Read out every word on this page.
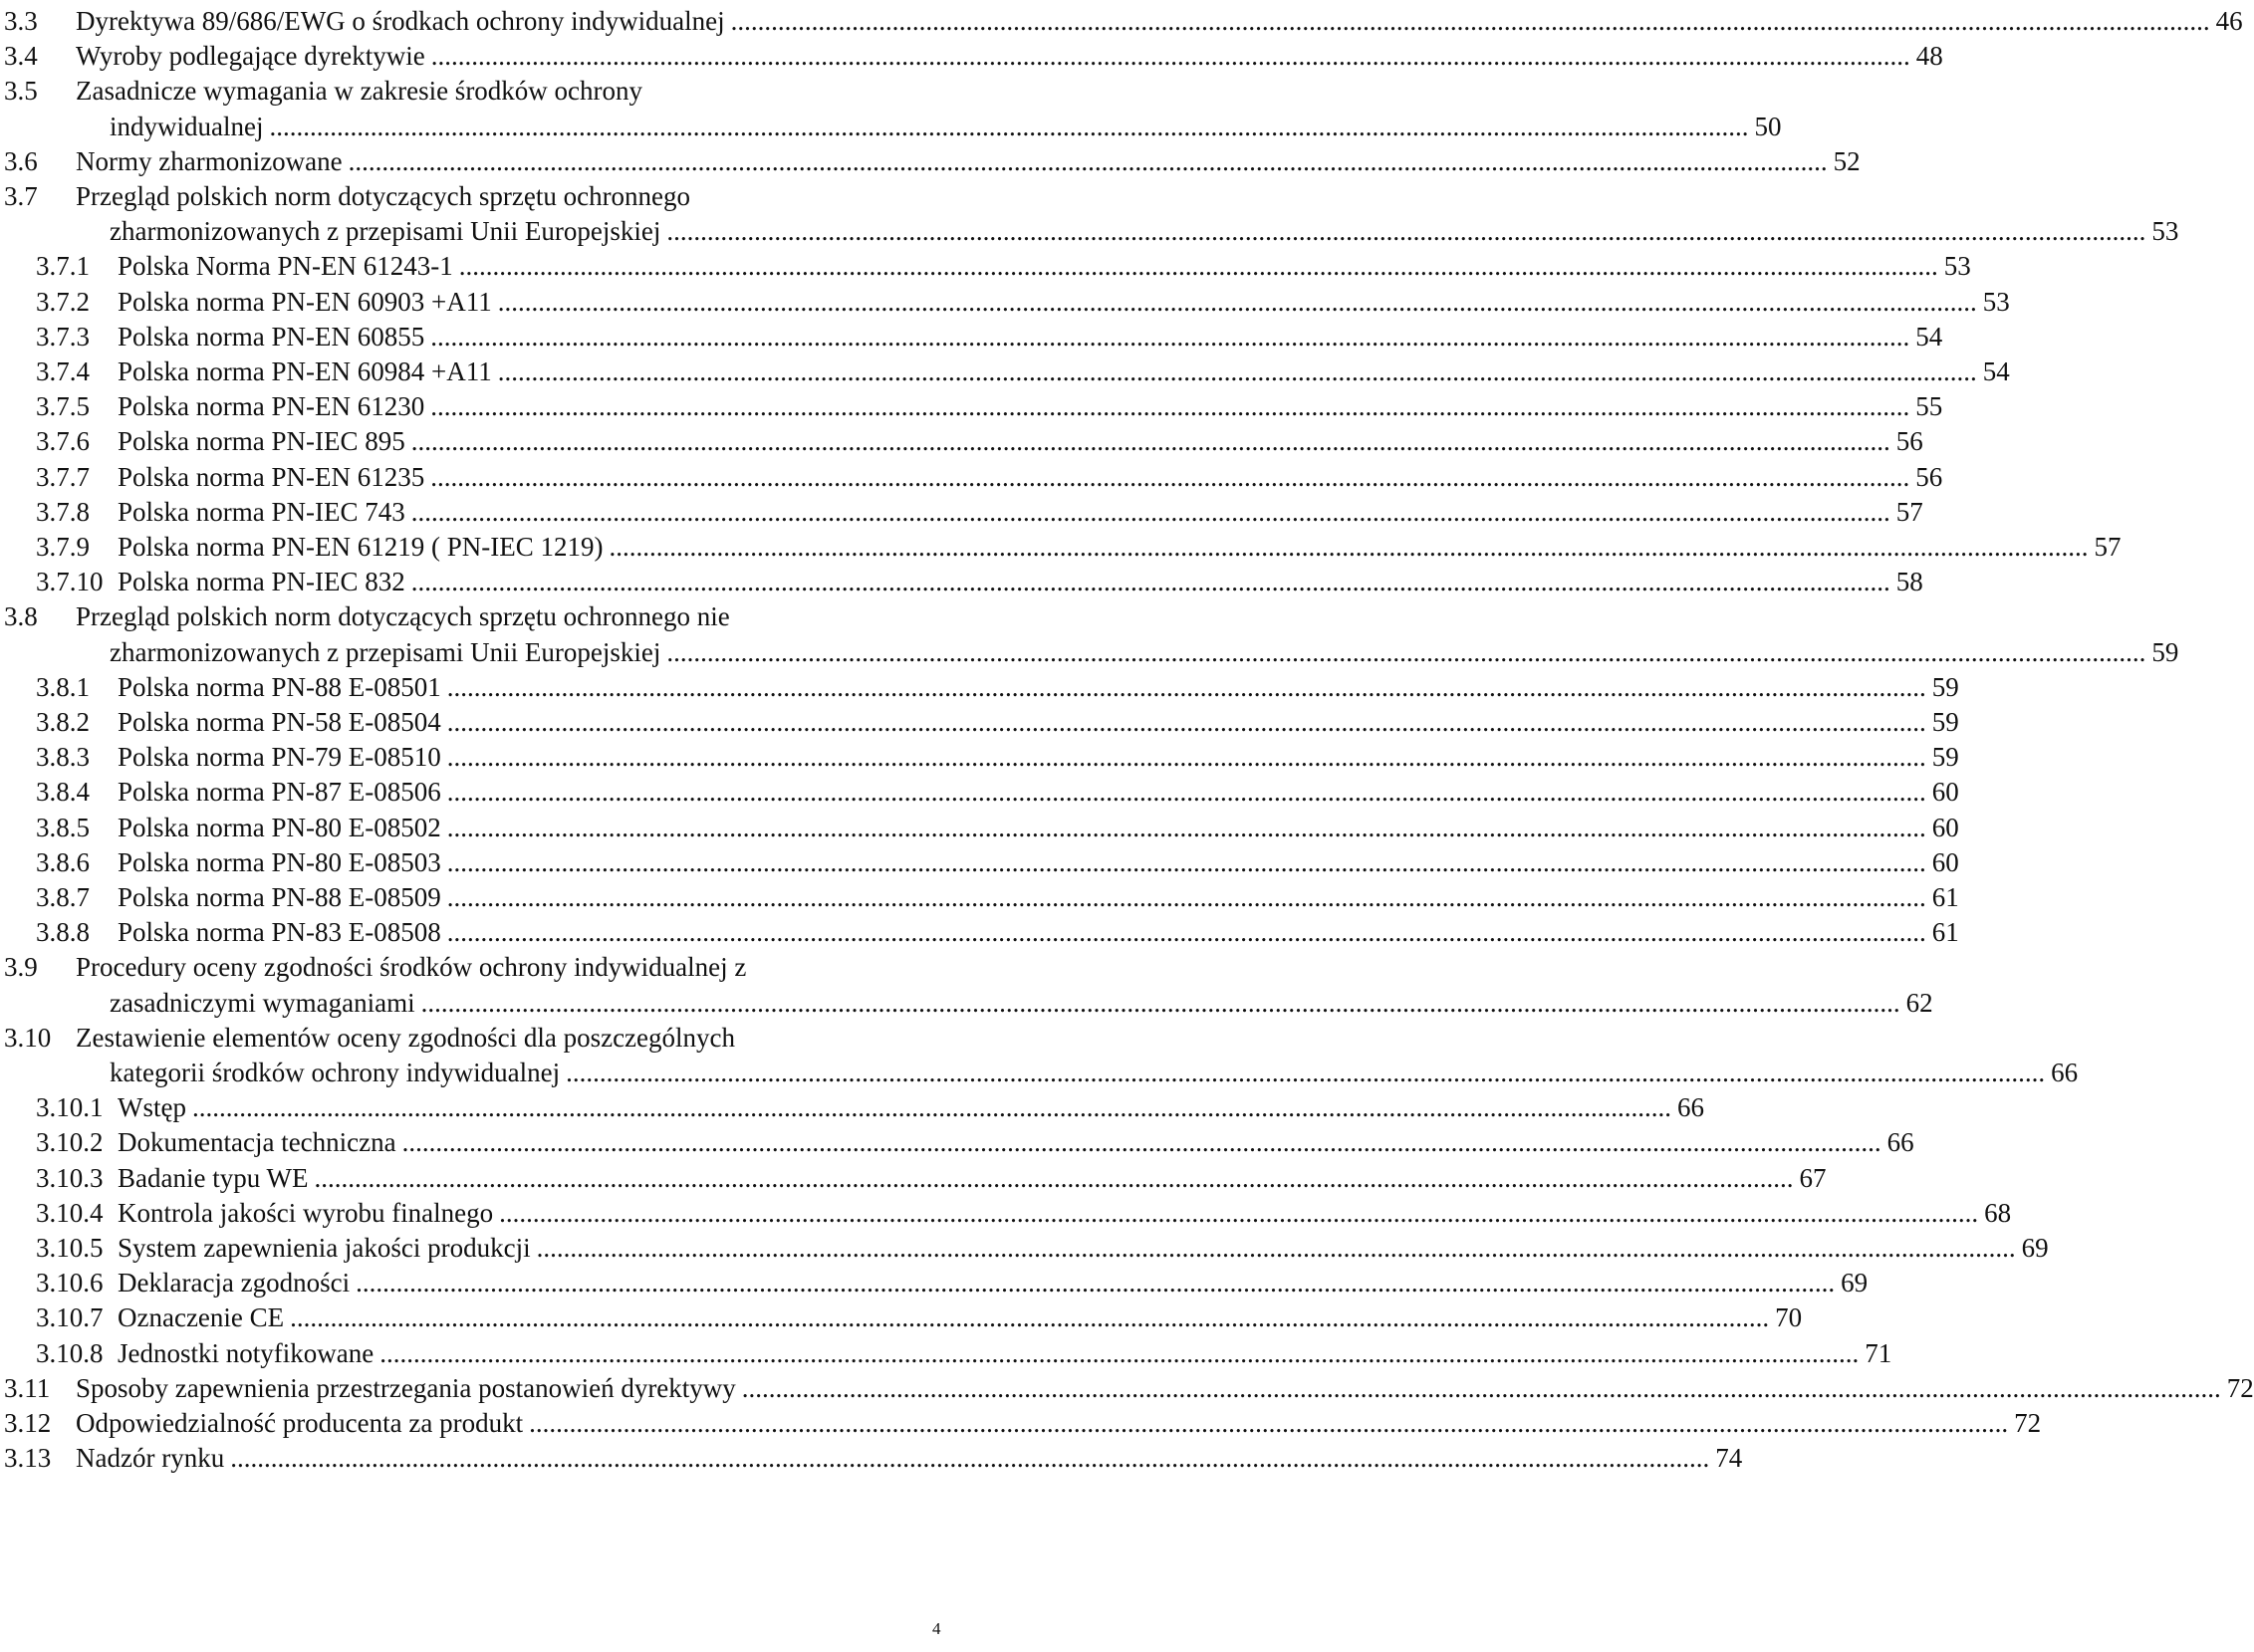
3.3 Dyrektywa 89/686/EWG o środkach ochrony indywidualnej ............................................................................................................................................................................................................................ 46
3.4 Wyroby podlegające dyrektywie ............................................................................................................................................................................................................................ 48
3.5 Zasadnicze wymagania w zakresie środków ochrony
indywidualnej ............................................................................................................................................................................................................................ 50
3.6 Normy zharmonizowane ............................................................................................................................................................................................................................ 52
3.7 Przegląd polskich norm dotyczących sprzętu ochronnego
zharmonizowanych z przepisami Unii Europejskiej ............................................................................................................................................................................................................................ 53
3.7.1 Polska Norma PN-EN 61243-1 ............................................................................................................................................................................................................................ 53
3.7.2 Polska norma PN-EN 60903 +A11 ............................................................................................................................................................................................................................ 53
3.7.3 Polska norma PN-EN 60855 ............................................................................................................................................................................................................................ 54
3.7.4 Polska norma PN-EN 60984 +A11 ............................................................................................................................................................................................................................ 54
3.7.5 Polska norma PN-EN 61230 ............................................................................................................................................................................................................................ 55
3.7.6 Polska norma PN-IEC 895 ............................................................................................................................................................................................................................ 56
3.7.7 Polska norma PN-EN 61235 ............................................................................................................................................................................................................................ 56
3.7.8 Polska norma PN-IEC 743 ............................................................................................................................................................................................................................ 57
3.7.9 Polska norma PN-EN 61219 ( PN-IEC 1219) ............................................................................................................................................................................................................................ 57
3.7.10 Polska norma PN-IEC 832 ............................................................................................................................................................................................................................ 58
3.8 Przegląd polskich norm dotyczących sprzętu ochronnego nie
zharmonizowanych z przepisami Unii Europejskiej ............................................................................................................................................................................................................................ 59
3.8.1 Polska norma PN-88 E-08501 ............................................................................................................................................................................................................................ 59
3.8.2 Polska norma PN-58 E-08504 ............................................................................................................................................................................................................................ 59
3.8.3 Polska norma PN-79 E-08510 ............................................................................................................................................................................................................................ 59
3.8.4 Polska norma PN-87 E-08506 ............................................................................................................................................................................................................................ 60
3.8.5 Polska norma PN-80 E-08502 ............................................................................................................................................................................................................................ 60
3.8.6 Polska norma PN-80 E-08503 ............................................................................................................................................................................................................................ 60
3.8.7 Polska norma PN-88 E-08509 ............................................................................................................................................................................................................................ 61
3.8.8 Polska norma PN-83 E-08508 ............................................................................................................................................................................................................................ 61
3.9 Procedury oceny zgodności środków ochrony indywidualnej z
zasadniczymi wymaganiami ............................................................................................................................................................................................................................ 62
3.10 Zestawienie elementów oceny zgodności dla poszczególnych
kategorii środków ochrony indywidualnej ............................................................................................................................................................................................................................ 66
3.10.1 Wstęp ............................................................................................................................................................................................................................ 66
3.10.2 Dokumentacja techniczna ............................................................................................................................................................................................................................ 66
3.10.3 Badanie typu WE ............................................................................................................................................................................................................................ 67
3.10.4 Kontrola jakości wyrobu finalnego ............................................................................................................................................................................................................................ 68
3.10.5 System zapewnienia jakości produkcji ............................................................................................................................................................................................................................ 69
3.10.6 Deklaracja zgodności ............................................................................................................................................................................................................................ 69
3.10.7 Oznaczenie CE ............................................................................................................................................................................................................................ 70
3.10.8 Jednostki notyfikowane ............................................................................................................................................................................................................................ 71
3.11 Sposoby zapewnienia przestrzegania postanowień dyrektywy ............................................................................................................................................................................................................................ 72
3.12 Odpowiedzialność producenta za produkt ............................................................................................................................................................................................................................ 72
3.13 Nadzór rynku ............................................................................................................................................................................................................................ 74
4
